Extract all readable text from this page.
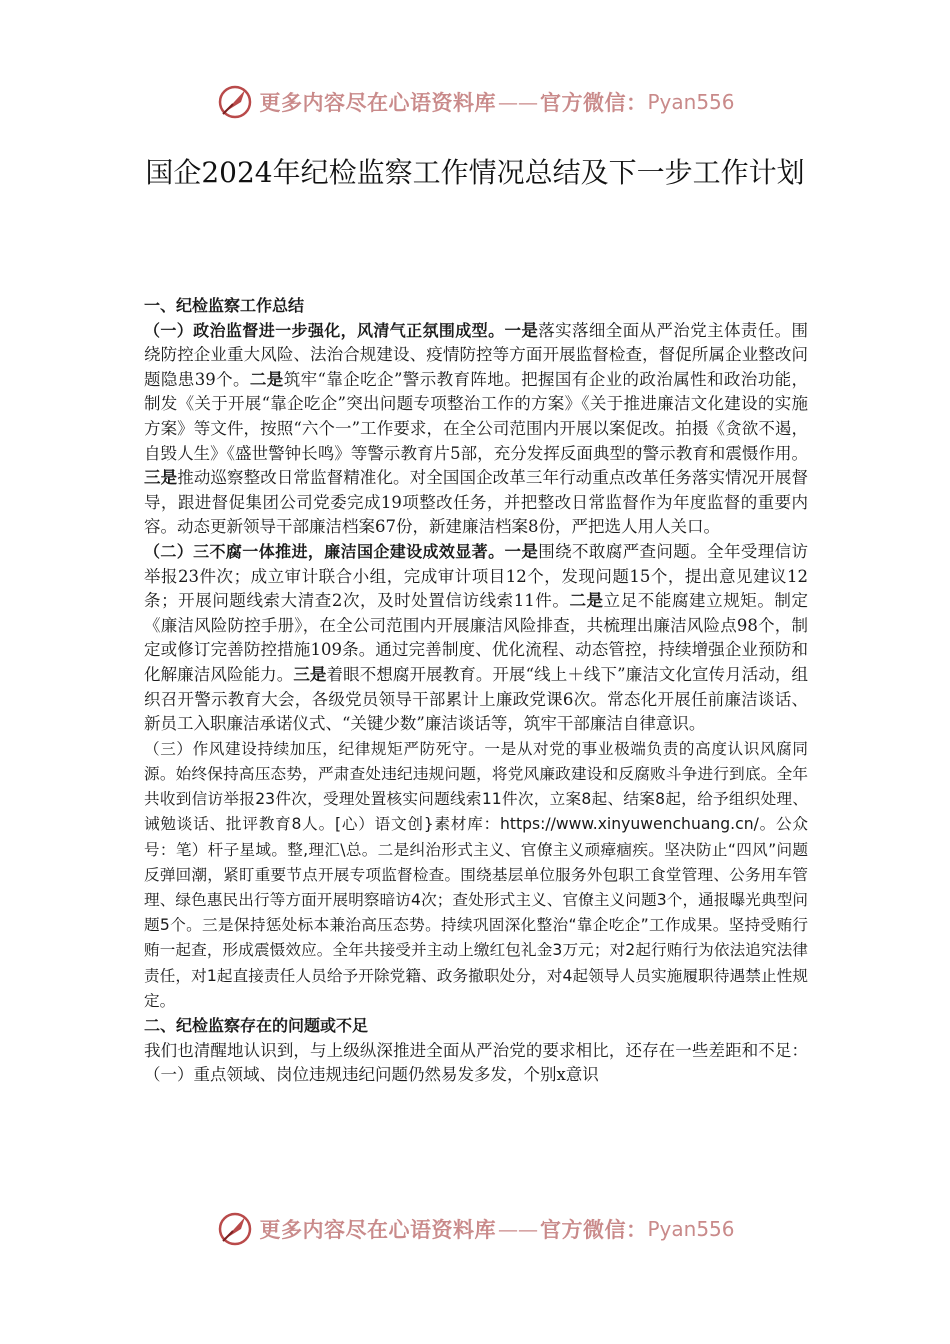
更多内容尽在心语资料库 —— 官方微信： Pyan556
国企2024年纪检监察工作情况总结及下一步工作计划

一、纪检监察工作总结

（一）政治监督进一步强化，风清气正氛围成型。一是落实落细全面从严治党主体责任。围绕防控企业重大风险、法治合规建设、疫情防控等方面开展监督检查，督促所属企业整改问题隐患39个。二是筑牢“靠企吃企”警示教育阵地。把握国有企业的政治属性和政治功能，制发《关于开展“靠企吃企”突出问题专项整治工作的方案》《关于推进廉洁文化建设的实施方案》等文件，按照“六个一”工作要求，在全公司范围内开展以案促改。拍摄《贪欲不遏，自毁人生》《盛世警钟长鸣》等警示教育片5部，充分发挥反面典型的警示教育和震慑作用。三是推动巡察整改日常监督精准化。对全国国企改革三年行动重点改革任务落实情况开展督导，跟进督促集团公司党委完成19项整改任务，并把整改日常监督作为年度监督的重要内容。动态更新领导干部廉洁档案67份，新建廉洁档案8份，严把选人用人关口。

（二）三不腐一体推进，廉洁国企建设成效显著。一是围绕不敢腐严查问题。全年受理信访举报23件次；成立审计联合小组，完成审计项目12个，发现问题15个，提出意见建议12条；开展问题线索大清查2次，及时处置信访线索11件。二是立足不能腐建立规矩。制定《廉洁风险防控手册》，在全公司范围内开展廉洁风险排查，共梳理出廉洁风险点98个，制定或修订完善防控措施109条。通过完善制度、优化流程、动态管控，持续增强企业预防和化解廉洁风险能力。三是着眼不想腐开展教育。开展“线上＋线下”廉洁文化宣传月活动，组织召开警示教育大会，各级党员领导干部累计上廉政党课6次。常态化开展任前廉洁谈话、新员工入职廉洁承诺仪式、“关键少数”廉洁谈话等，筑牢干部廉洁自律意识。

（三）作风建设持续加压，纪律规矩严防死守。一是从对党的事业极端负责的高度认识风腐同源。始终保持高压态势，严肃查处违纪违规问题，将党风廉政建设和反腐败斗争进行到底。全年共收到信访举报23件次，受理处置核实问题线索11件次，立案8起、结案8起，给予组织处理、诫勉谈话、批评教育8人。[心）语文创}素材库：https://www.xinyuwenchuang.cn/。公众号：笔）杆子星域。整,理汇\总。二是纠治形式主义、官僚主义顽瘴痼疾。坚决防止“四风”问题反弹回潮，紧盯重要节点开展专项监督检查。围绕基层单位服务外包职工食堂管理、公务用车管理、绿色惠民出行等方面开展明察暗访4次；查处形式主义、官僚主义问题3个，通报曝光典型问题5个。三是保持惩处标本兼治高压态势。持续巩固深化整治“靠企吃企”工作成果。坚持受贿行贿一起查，形成震慑效应。全年共接受并主动上缴红包礼金3万元；对2起行贿行为依法追究法律责任，对1起直接责任人员给予开除党籍、政务撤职处分，对4起领导人员实施履职待遇禁止性规定。

二、纪检监察存在的问题或不足

我们也清醒地认识到，与上级纵深推进全面从严治党的要求相比，还存在一些差距和不足：（一）重点领域、岗位违规违纪问题仍然易发多发，个别x意识

更多内容尽在心语资料库 —— 官方微信： Pyan556
